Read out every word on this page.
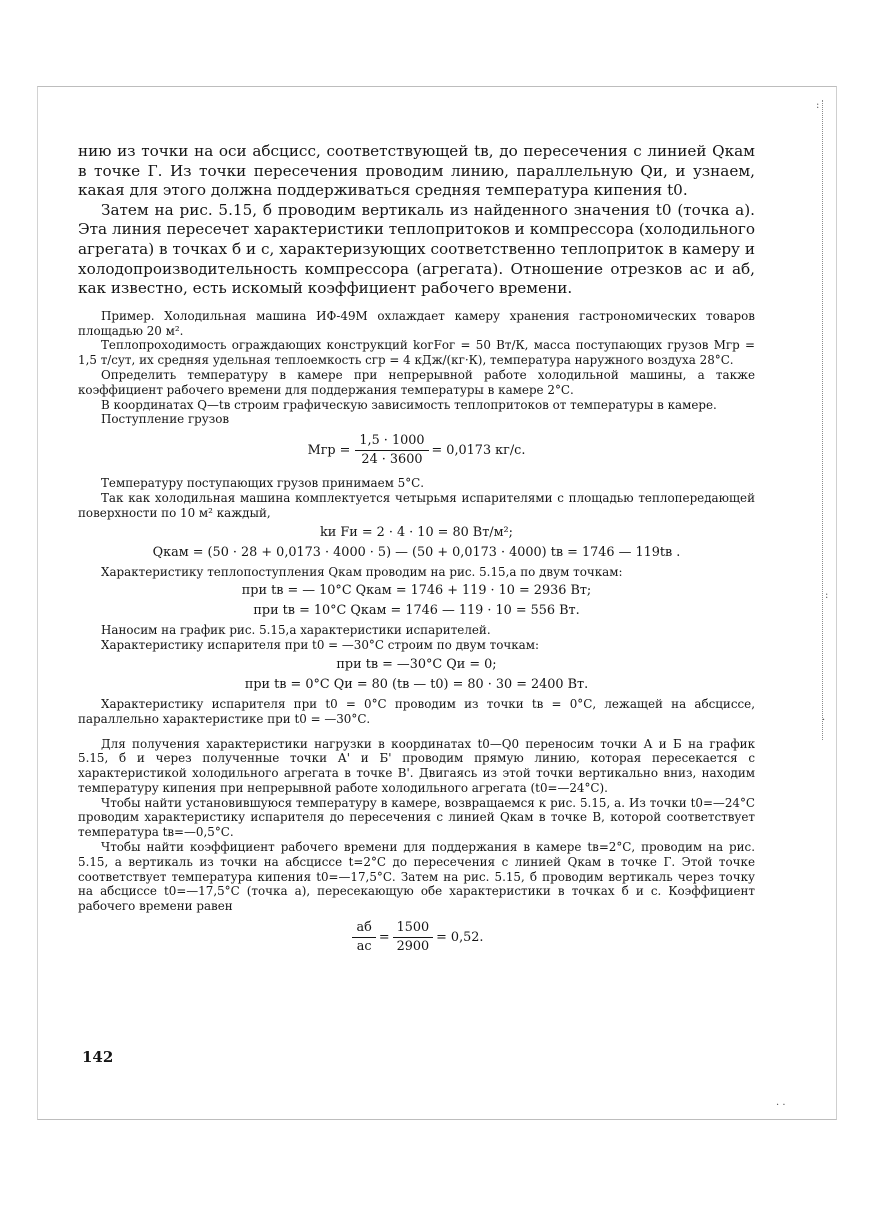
:
:
·
· ·

нию из точки на оси абсцисс, соответствующей tв, до пересечения с линией Qкам в точке Г. Из точки пересечения проводим линию, параллельную Qи, и узнаем, какая для этого должна поддерживаться средняя температура кипения t0.

Затем на рис. 5.15, б проводим вертикаль из найденного значения t0 (точка а). Эта линия пересечет характеристики теплопритоков и компрессора (холодильного агрегата) в точках б и с, характеризующих соответственно теплоприток в камеру и холодопроизводительность компрессора (агрегата). Отношение отрезков ас и аб, как известно, есть искомый коэффициент рабочего времени.

Пример. Холодильная машина ИФ-49М охлаждает камеру хранения гастрономических товаров площадью 20 м².

Теплопроходимость ограждающих конструкций kогFог = 50 Вт/К, масса поступающих грузов Mгр = 1,5 т/сут, их средняя удельная теплоемкость cгр = 4 кДж/(кг·К), температура наружного воздуха 28°С.

Определить температуру в камере при непрерывной работе холодильной машины, а также коэффициент рабочего времени для поддержания температуры в камере 2°С.

В координатах Q—tв строим графическую зависимость теплопритоков от температуры в камере.

Поступление грузов

Mгр = $\frac{1,5 \cdot 1000}{24 \cdot 3600} = 0,0173$ кг/с.

Температуру поступающих грузов принимаем 5°С.

Так как холодильная машина комплектуется четырьмя испарителями с площадью теплопередающей поверхности по 10 м² каждый,

kи Fи = 2 · 4 · 10 = 80 Вт/м²;

Qкам = (50 · 28 + 0,0173 · 4000 · 5) — (50 + 0,0173 · 4000) tв = 1746 — 119tв .

Характеристику теплопоступления Qкам проводим на рис. 5.15,а по двум точкам:

при tв = — 10°С Qкам = 1746 + 119 · 10 = 2936 Вт;

при tв = 10°С Qкам = 1746 — 119 · 10 = 556 Вт.

Наносим на график рис. 5.15,а характеристики испарителей.

Характеристику испарителя при t0 = —30°С строим по двум точкам:

при tв = —30°С Qи = 0;

при tв = 0°С Qи = 80 (tв — t0) = 80 · 30 = 2400 Вт.

Характеристику испарителя при t0 = 0°С проводим из точки tв = 0°С, лежащей на абсциссе, параллельно характеристике при t0 = —30°С.

Для получения характеристики нагрузки в координатах t0—Q0 переносим точки А и Б на график 5.15, б и через полученные точки А' и Б' проводим прямую линию, которая пересекается с характеристикой холодильного агрегата в точке В'. Двигаясь из этой точки вертикально вниз, находим температуру кипения при непрерывной работе холодильного агрегата (t0=—24°С).

Чтобы найти установившуюся температуру в камере, возвращаемся к рис. 5.15, а. Из точки t0=—24°С проводим характеристику испарителя до пересечения с линией Qкам в точке В, которой соответствует температура tв=—0,5°С.

Чтобы найти коэффициент рабочего времени для поддержания в камере tв=2°С, проводим на рис. 5.15, а вертикаль из точки на абсциссе t=2°С до пересечения с линией Qкам в точке Г. Этой точке соответствует температура кипения t0=—17,5°С. Затем на рис. 5.15, б проводим вертикаль через точку на абсциссе t0=—17,5°С (точка а), пересекающую обе характеристики в точках б и с. Коэффициент рабочего времени равен

$\frac{аб}{ас} = \frac{1500}{2900} = 0,52$.
142
